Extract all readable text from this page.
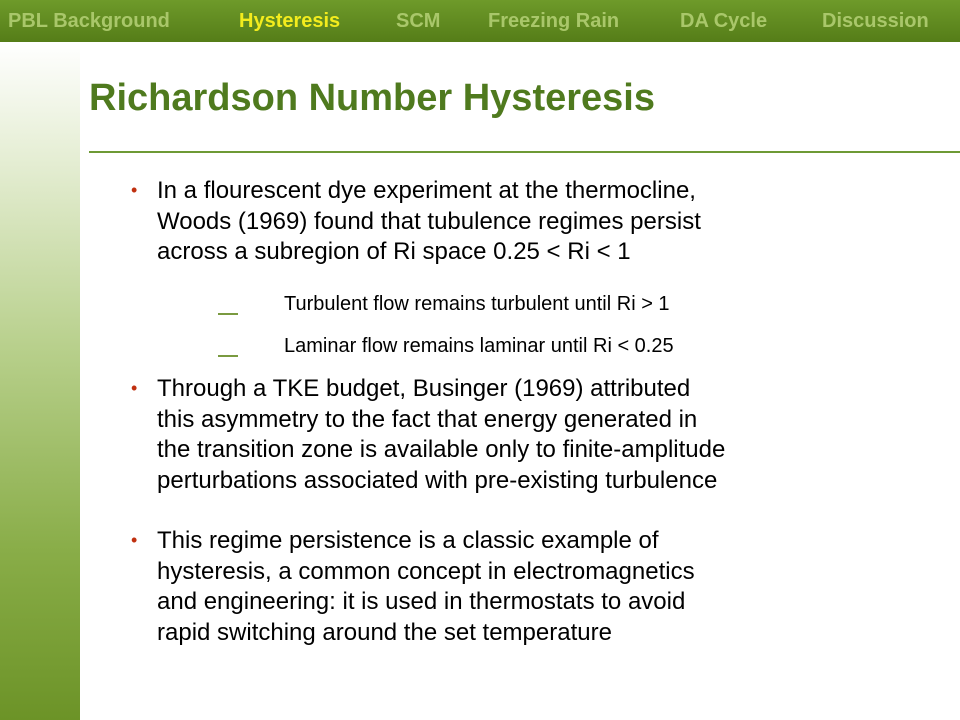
PBL Background	Hysteresis	SCM Freezing Rain	DA Cycle	Discussion
Richardson Number Hysteresis
• In a flourescent dye experiment at the thermocline,
Woods (1969) found that tubulence regimes persist
across a subregion of Ri space 0.25 < Ri < 1
Turbulent flow remains turbulent until Ri > 1
Laminar flow remains laminar until Ri < 0.25
• Through a TKE budget, Businger (1969) attributed
this asymmetry to the fact that energy generated in
the transition zone is available only to finite-amplitude
perturbations associated with pre-existing turbulence
• This regime persistence is a classic example of
hysteresis, a common concept in electromagnetics
and engineering: it is used in thermostats to avoid
rapid switching around the set temperature
